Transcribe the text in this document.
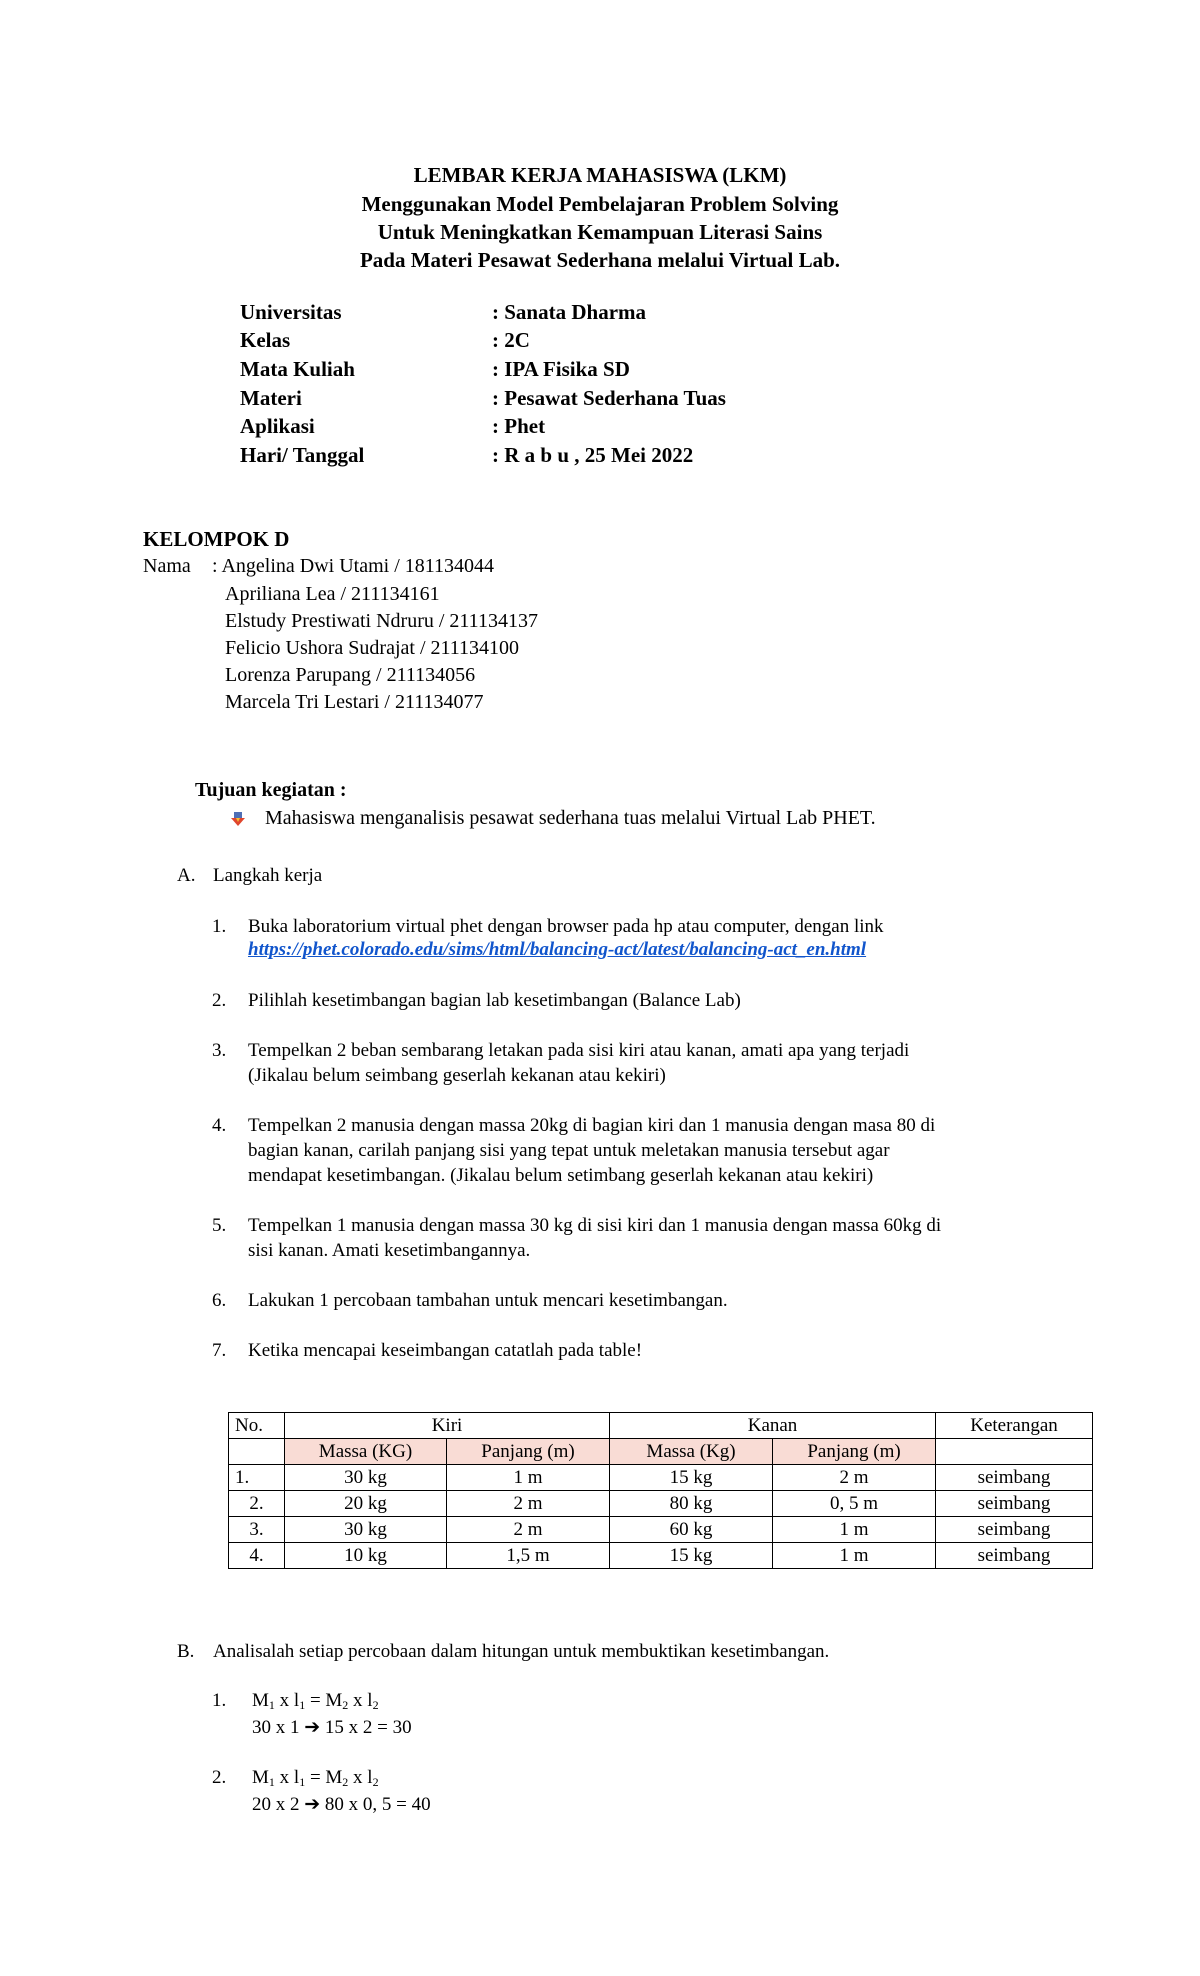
LEMBAR KERJA MAHASISWA (LKM)
Menggunakan Model Pembelajaran Problem Solving
Untuk Meningkatkan Kemampuan Literasi Sains
Pada Materi Pesawat Sederhana melalui Virtual Lab.
Universitas	: Sanata Dharma
Kelas	: 2C
Mata Kuliah	: IPA Fisika SD
Materi	: Pesawat Sederhana Tuas
Aplikasi	: Phet
Hari/ Tanggal	: R a b u , 25 Mei 2022
KELOMPOK D
Nama : Angelina Dwi Utami / 181134044
Apriliana Lea / 211134161
Elstudy Prestiwati Ndruru / 211134137
Felicio Ushora Sudrajat / 211134100
Lorenza Parupang / 211134056
Marcela Tri Lestari / 211134077
Tujuan kegiatan :
Mahasiswa menganalisis pesawat sederhana tuas melalui Virtual Lab PHET.
A. Langkah kerja
1. Buka laboratorium virtual phet dengan browser pada hp atau computer, dengan link
https://phet.colorado.edu/sims/html/balancing-act/latest/balancing-act_en.html
2. Pilihlah kesetimbangan bagian lab kesetimbangan (Balance Lab)
3. Tempelkan 2 beban sembarang letakan pada sisi kiri atau kanan, amati apa yang terjadi
(Jikalau belum seimbang geserlah kekanan atau kekiri)
4. Tempelkan 2 manusia dengan massa 20kg di bagian kiri dan 1 manusia dengan masa 80 di
bagian kanan, carilah panjang sisi yang tepat untuk meletakan manusia tersebut agar
mendapat kesetimbangan. (Jikalau belum setimbang geserlah kekanan atau kekiri)
5. Tempelkan 1 manusia dengan massa 30 kg di sisi kiri dan 1 manusia dengan massa 60kg di
sisi kanan. Amati kesetimbangannya.
6. Lakukan 1 percobaan tambahan untuk mencari kesetimbangan.
7. Ketika mencapai keseimbangan catatlah pada table!
No.	Kiri		Kanan		Keterangan
	Massa (KG)	Panjang (m)	Massa (Kg)	Panjang (m)	
1.	30 kg	1 m	15 kg	2 m	seimbang
2.	20 kg	2 m	80 kg	0, 5 m	seimbang
3.	30 kg	2 m	60 kg	1 m	seimbang
4.	10 kg	1,5 m	15 kg	1 m	seimbang
B. Analisalah setiap percobaan dalam hitungan untuk membuktikan kesetimbangan.
1. $M_1$ x $l_1 = M_2$ x $l_2$
30 x 1 ➔ 15 x 2 = 30
2. $M_1$ x $l_1 = M_2$ x $l_2$
20 x 2 ➔ 80 x 0, 5 = 40
